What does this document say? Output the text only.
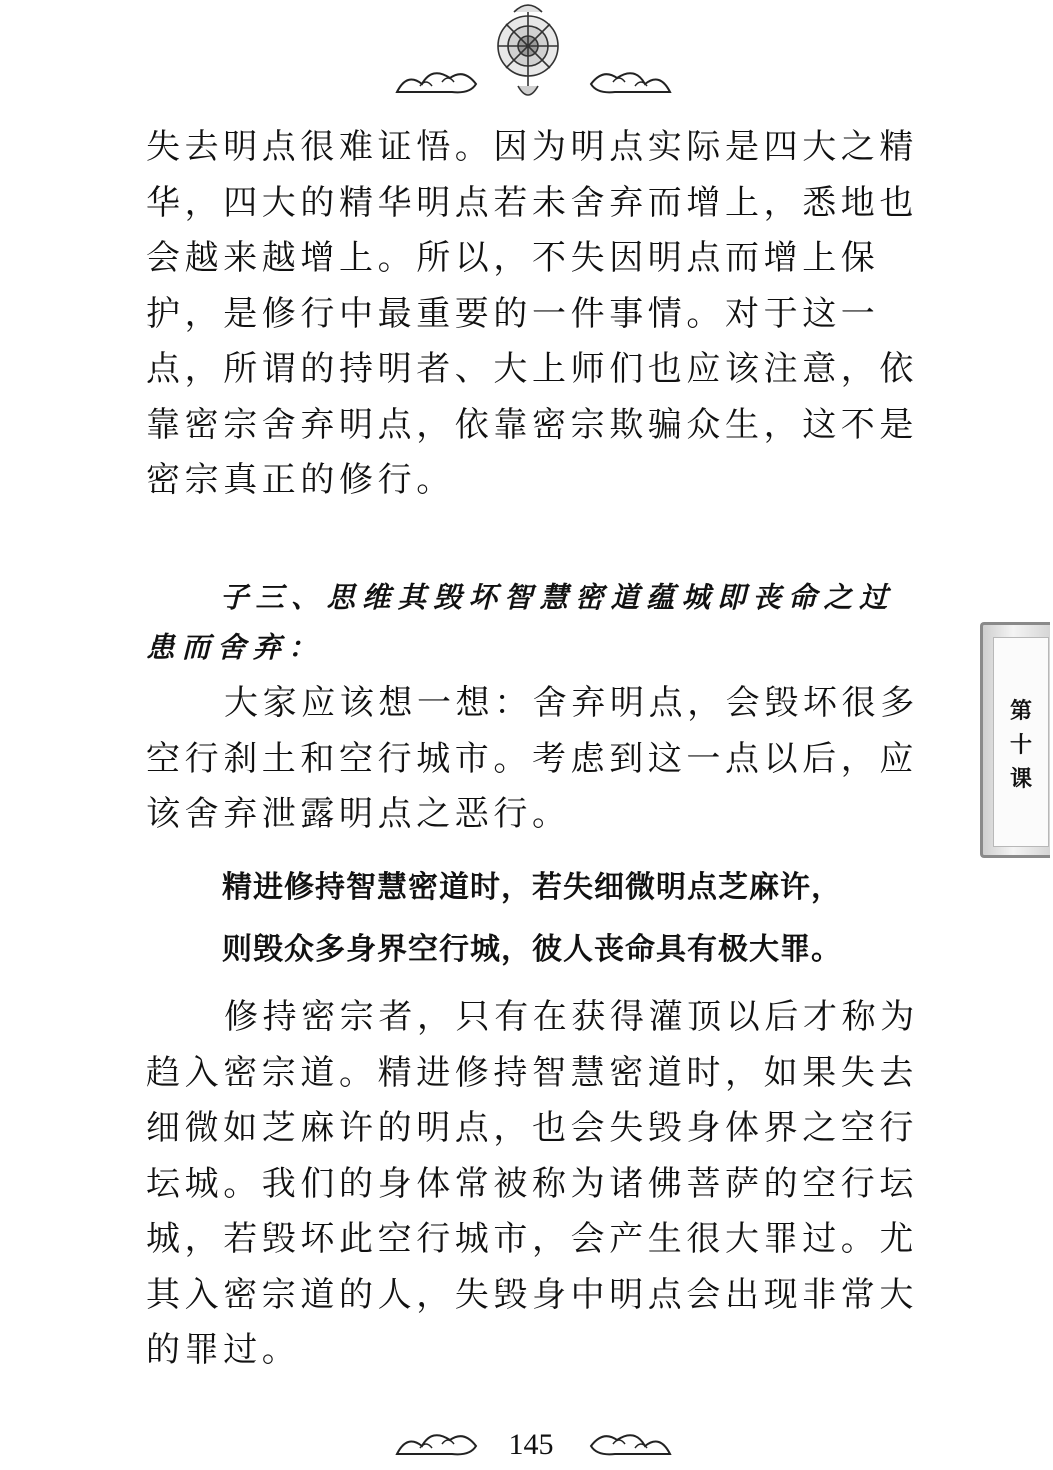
失去明点很难证悟。因为明点实际是四大之精华，四大的精华明点若未舍弃而增上，悉地也会越来越增上。所以，不失因明点而增上保护，是修行中最重要的一件事情。对于这一点，所谓的持明者、大上师们也应该注意，依靠密宗舍弃明点，依靠密宗欺骗众生，这不是密宗真正的修行。

子三、思维其毁坏智慧密道蕴城即丧命之过患而舍弃：

大家应该想一想：舍弃明点，会毁坏很多空行刹土和空行城市。考虑到这一点以后，应该舍弃泄露明点之恶行。

精进修持智慧密道时，若失细微明点芝麻许，

则毁众多身界空行城，彼人丧命具有极大罪。

修持密宗者，只有在获得灌顶以后才称为趋入密宗道。精进修持智慧密道时，如果失去细微如芝麻许的明点，也会失毁身体界之空行坛城。我们的身体常被称为诸佛菩萨的空行坛城，若毁坏此空行城市，会产生很大罪过。尤其入密宗道的人，失毁身中明点会出现非常大的罪过。

第
十
课
145
